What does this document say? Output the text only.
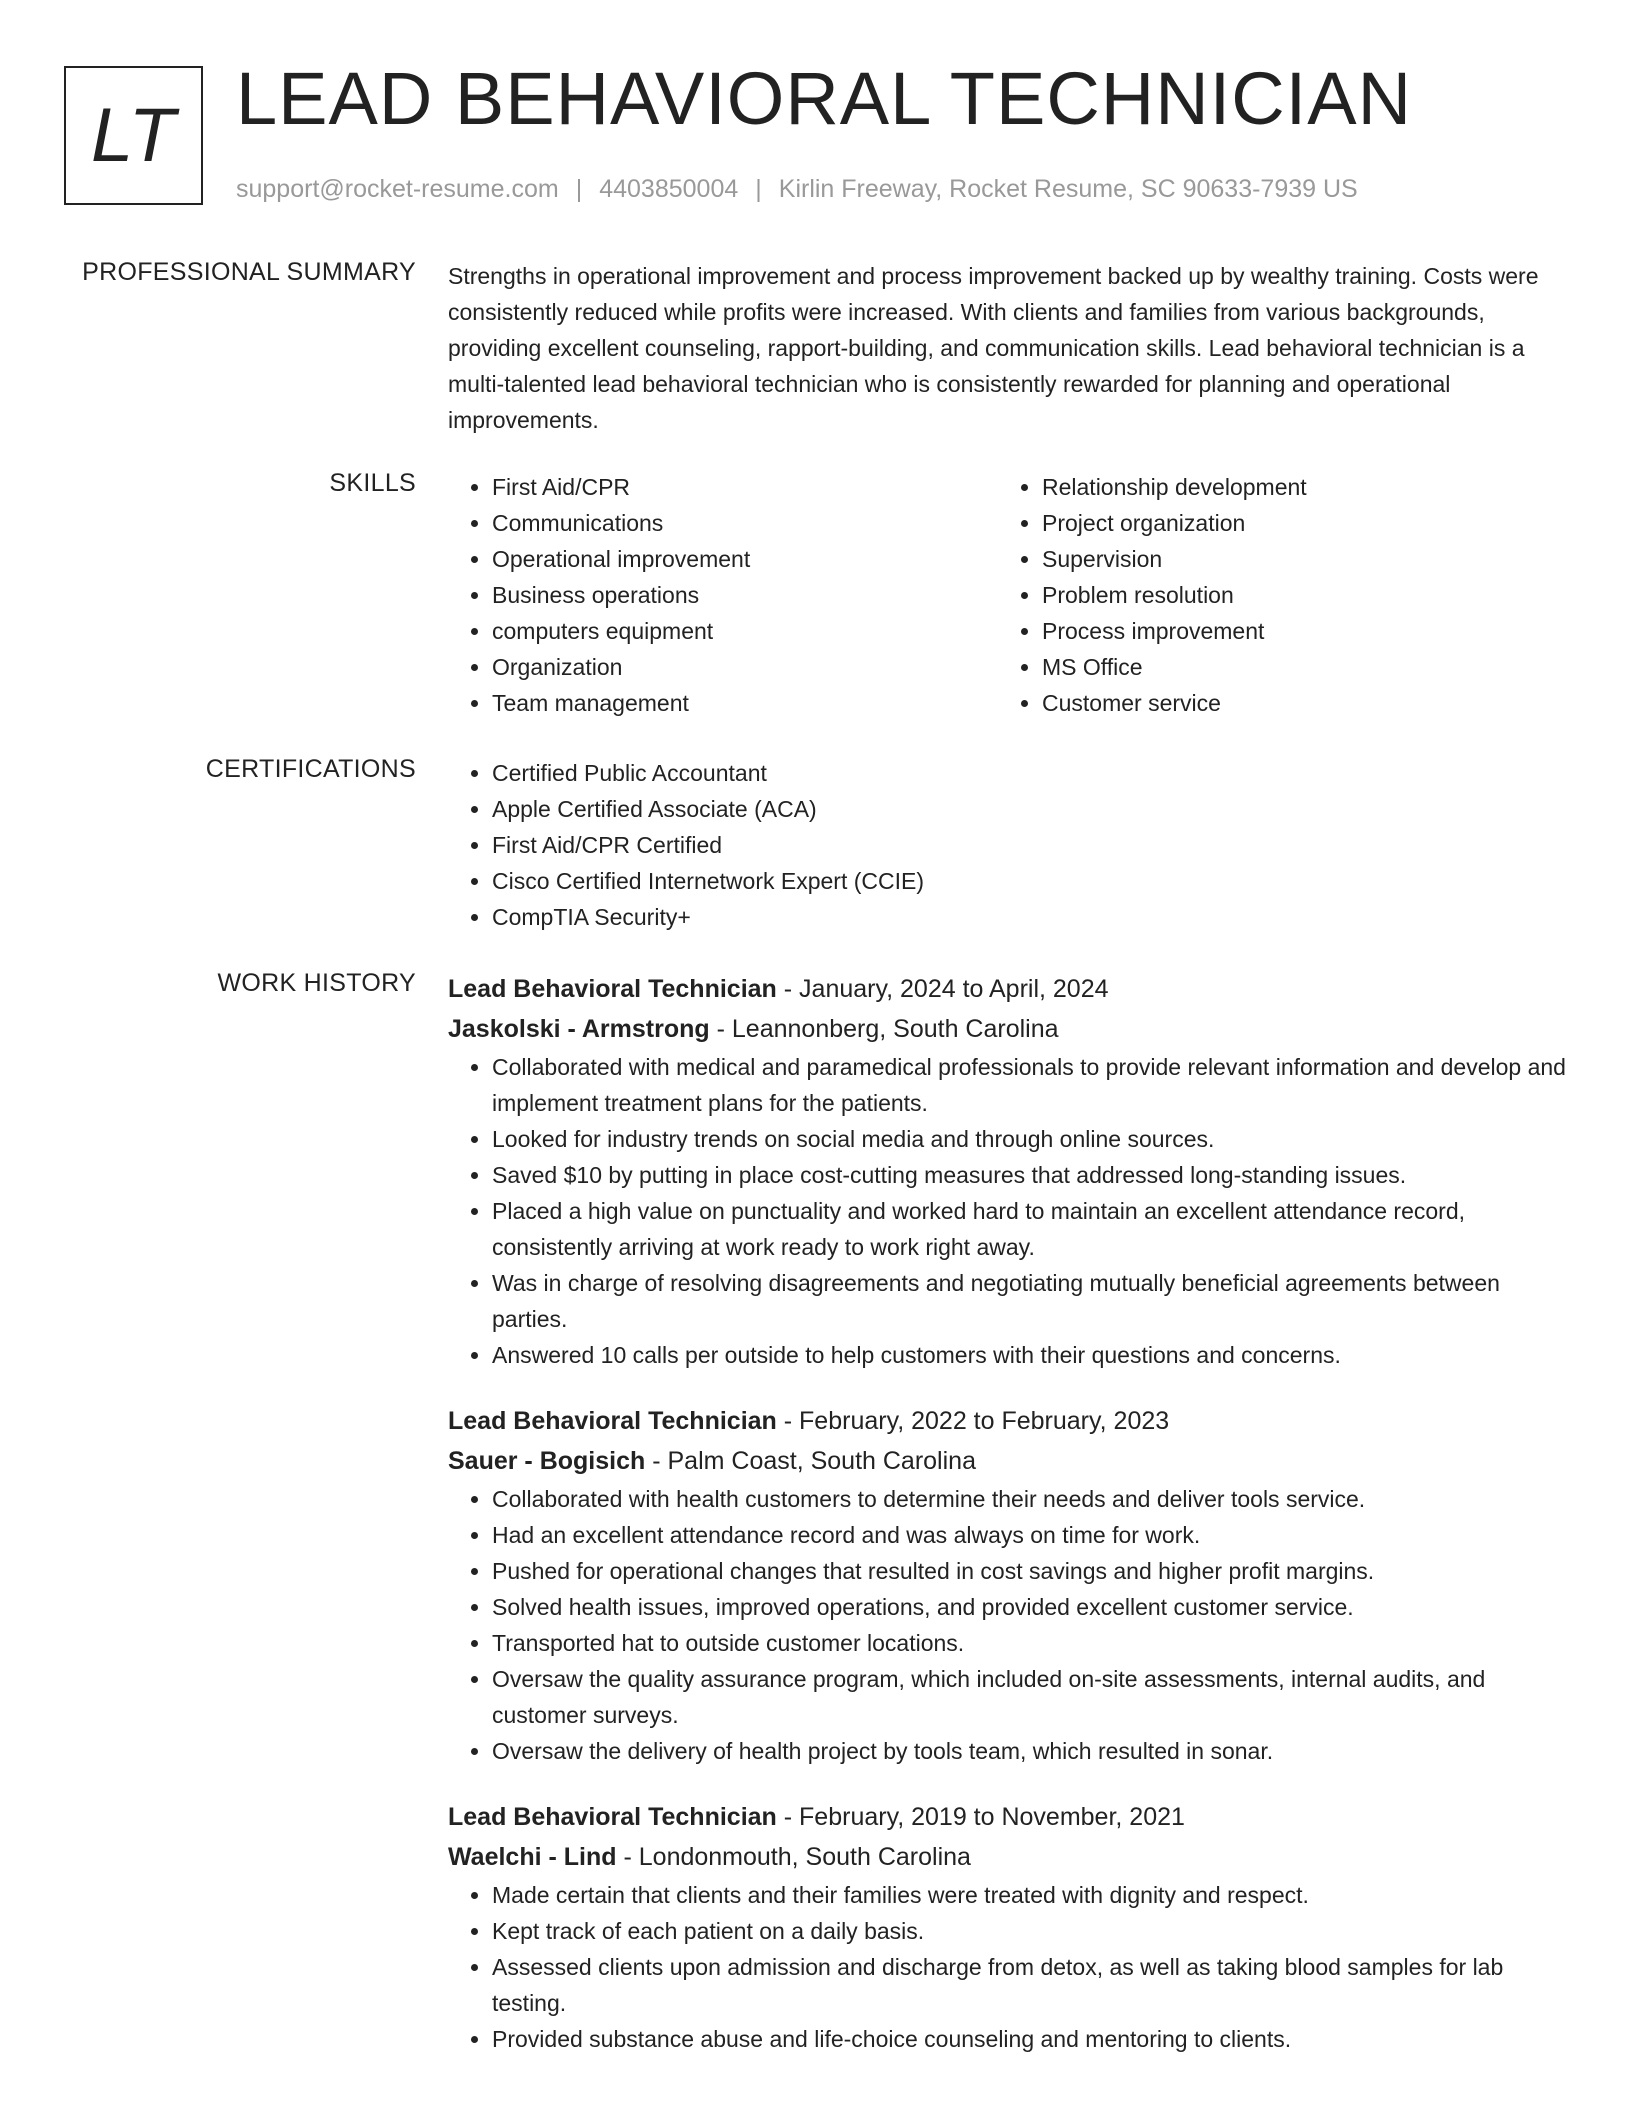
LT LEAD BEHAVIORAL TECHNICIAN
support@rocket-resume.com | 4403850004 | Kirlin Freeway, Rocket Resume, SC 90633-7939 US
PROFESSIONAL SUMMARY Strengths in operational improvement and process improvement backed up by wealthy training. Costs were consistently reduced while profits were increased. With clients and families from various backgrounds, providing excellent counseling, rapport-building, and communication skills. Lead behavioral technician is a multi-talented lead behavioral technician who is consistently rewarded for planning and operational improvements.
SKILLS	• First Aid/CPR
• Communications
• Operational improvement
• Business operations
• computers equipment
• Organization
• Team management
• Relationship development
• Project organization
• Supervision
• Problem resolution
• Process improvement
• MS Office
• Customer service
CERTIFICATIONS	• Certified Public Accountant
• Apple Certified Associate (ACA)
• First Aid/CPR Certified
• Cisco Certified Internetwork Expert (CCIE)
• CompTIA Security+
WORK HISTORY Lead Behavioral Technician - January, 2024 to April, 2024
Jaskolski - Armstrong - Leannonberg, South Carolina
• Collaborated with medical and paramedical professionals to provide relevant information and develop and implement treatment plans for the patients.
• Looked for industry trends on social media and through online sources.
• Saved $10 by putting in place cost-cutting measures that addressed long-standing issues.
• Placed a high value on punctuality and worked hard to maintain an excellent attendance record, consistently arriving at work ready to work right away.
• Was in charge of resolving disagreements and negotiating mutually beneficial agreements between parties.
• Answered 10 calls per outside to help customers with their questions and concerns.
Lead Behavioral Technician - February, 2022 to February, 2023
Sauer - Bogisich - Palm Coast, South Carolina
• Collaborated with health customers to determine their needs and deliver tools service.
• Had an excellent attendance record and was always on time for work.
• Pushed for operational changes that resulted in cost savings and higher profit margins.
• Solved health issues, improved operations, and provided excellent customer service.
• Transported hat to outside customer locations.
• Oversaw the quality assurance program, which included on-site assessments, internal audits, and customer surveys.
• Oversaw the delivery of health project by tools team, which resulted in sonar.
Lead Behavioral Technician - February, 2019 to November, 2021
Waelchi - Lind - Londonmouth, South Carolina
• Made certain that clients and their families were treated with dignity and respect.
• Kept track of each patient on a daily basis.
• Assessed clients upon admission and discharge from detox, as well as taking blood samples for lab testing.
• Provided substance abuse and life-choice counseling and mentoring to clients.
